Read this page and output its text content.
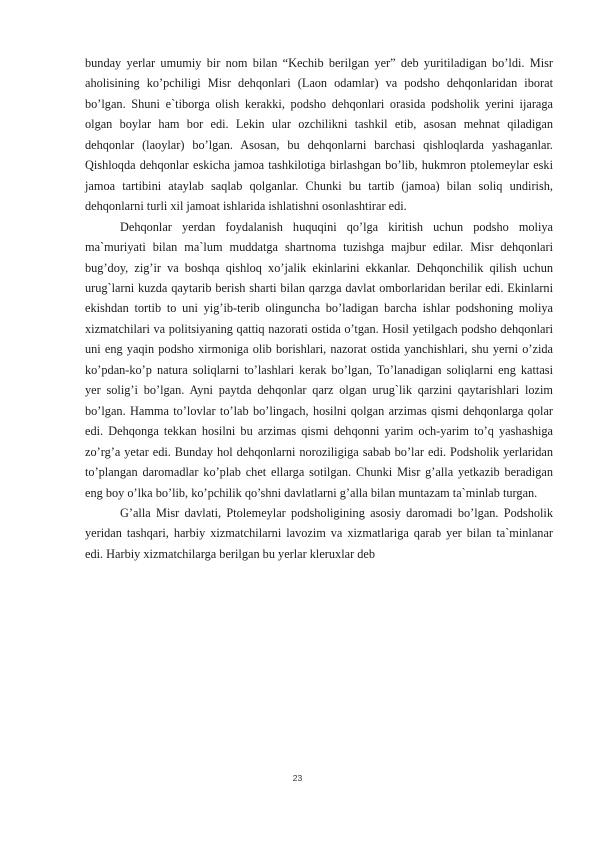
bunday yerlar umumiy bir nom bilan “Kechib berilgan yer” deb yuritiladigan bo’ldi. Misr aholisining ko’pchiligi Misr dehqonlari (Laon odamlar) va podsho dehqonlaridan iborat bo’lgan. Shuni e`tiborga olish kerakki, podsho dehqonlari orasida podsholik yerini ijaraga olgan boylar ham bor edi. Lekin ular ozchilikni tashkil etib, asosan mehnat qiladigan dehqonlar (laoylar) bo’lgan. Asosan, bu dehqonlarni barchasi qishloqlarda yashaganlar. Qishloqda dehqonlar eskicha jamoa tashkilotiga birlashgan bo’lib, hukmron ptolemeylar eski jamoa tartibini ataylab saqlab qolganlar. Chunki bu tartib (jamoa) bilan soliq undirish, dehqonlarni turli xil jamoat ishlarida ishlatishni osonlashtirar edi.

Dehqonlar yerdan foydalanish huquqini qo’lga kiritish uchun podsho moliya ma`muriyati bilan ma`lum muddatga shartnoma tuzishga majbur edilar. Misr dehqonlari bug’doy, zig’ir va boshqa qishloq xo’jalik ekinlarini ekkanlar. Dehqonchilik qilish uchun urug`larni kuzda qaytarib berish sharti bilan qarzga davlat omborlaridan berilar edi. Ekinlarni ekishdan tortib to uni yig’ib-terib olinguncha bo’ladigan barcha ishlar podshoning moliya xizmatchilari va politsiyaning qattiq nazorati ostida o’tgan. Hosil yetilgach podsho dehqonlari uni eng yaqin podsho xirmoniga olib borishlari, nazorat ostida yanchishlari, shu yerni o’zida ko’pdan-ko’p natura soliqlarni to’lashlari kerak bo’lgan, To’lanadigan soliqlarni eng kattasi yer solig’i bo’lgan. Ayni paytda dehqonlar qarz olgan urug`lik qarzini qaytarishlari lozim bo’lgan. Hamma to’lovlar to’lab bo’lingach, hosilni qolgan arzimas qismi dehqonlarga qolar edi. Dehqonga tekkan hosilni bu arzimas qismi dehqonni yarim och-yarim to’q yashashiga zo’rg’a yetar edi. Bunday hol dehqonlarni noroziligiga sabab bo’lar edi. Podsholik yerlaridan to’plangan daromadlar ko’plab chet ellarga sotilgan. Chunki Misr g’alla yetkazib beradigan eng boy o’lka bo’lib, ko’pchilik qo’shni davlatlarni g’alla bilan muntazam ta`minlab turgan.

G’alla Misr davlati, Ptolemeylar podsholigining asosiy daromadi bo’lgan. Podsholik yeridan tashqari, harbiy xizmatchilarni lavozim va xizmatlariga qarab yer bilan ta`minlanar edi. Harbiy xizmatchilarga berilgan bu yerlar kleruxlar deb

23
